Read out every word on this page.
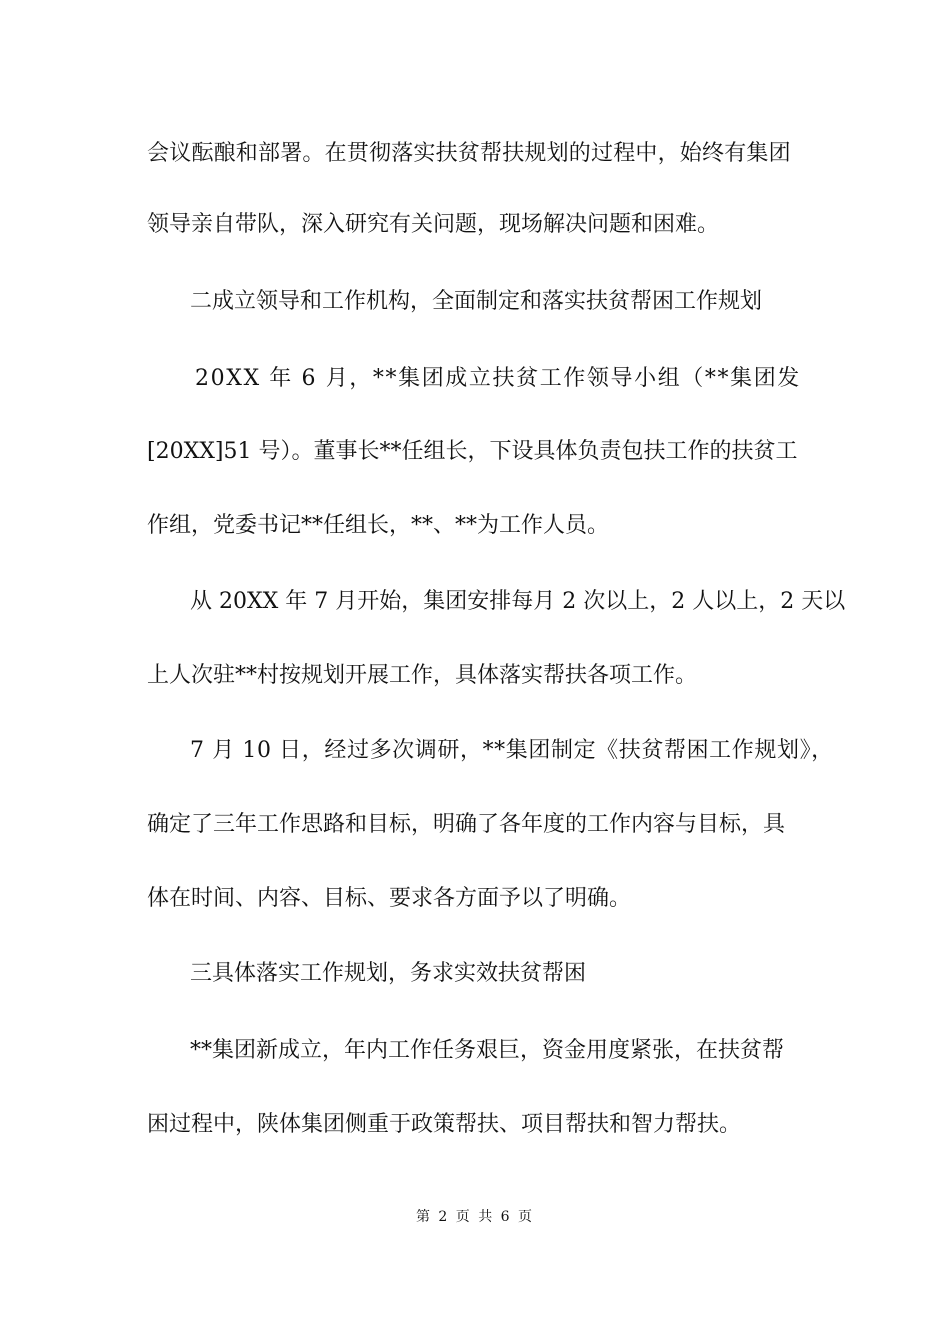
会议酝酿和部署。在贯彻落实扶贫帮扶规划的过程中，始终有集团
领导亲自带队，深入研究有关问题，现场解决问题和困难。
二成立领导和工作机构，全面制定和落实扶贫帮困工作规划
20XX 年 6 月，**集团成立扶贫工作领导小组（**集团发
[20XX]51 号）。董事长**任组长，下设具体负责包扶工作的扶贫工
作组，党委书记**任组长，**、**为工作人员。
从 20XX 年 7 月开始，集团安排每月 2 次以上，2 人以上，2 天以
上人次驻**村按规划开展工作，具体落实帮扶各项工作。
7 月 10 日，经过多次调研，**集团制定《扶贫帮困工作规划》，
确定了三年工作思路和目标，明确了各年度的工作内容与目标，具
体在时间、内容、目标、要求各方面予以了明确。
三具体落实工作规划，务求实效扶贫帮困
**集团新成立，年内工作任务艰巨，资金用度紧张，在扶贫帮
困过程中，陕体集团侧重于政策帮扶、项目帮扶和智力帮扶。
第 2 页 共 6 页
